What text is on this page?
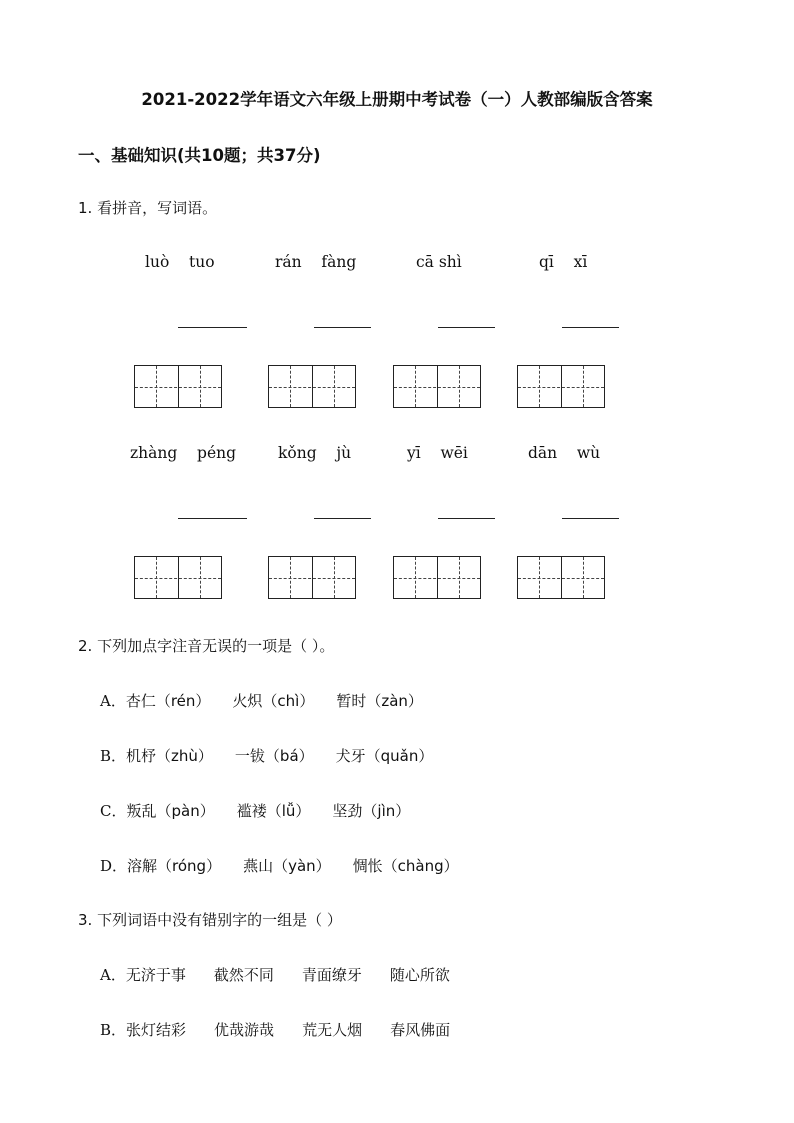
2021-2022学年语文六年级上册期中考试卷（一）人教部编版含答案
一、基础知识(共10题；共37分)
1. 看拼音，写词语。
luò tuo	rán fàng	cā shì	qī xī
zhàng péng	kǒng jù	yī wēi	dān wù
2. 下列加点字注音无误的一项是（ ）。
A．杏仁（rén） 火炽（chì） 暂时（zàn）
B．机杼（zhù） 一钹（bá） 犬牙（quǎn）
C．叛乱（pàn） 褴褛（lǚ） 坚劲（jìn）
D．溶解（róng） 燕山（yàn） 惆怅（chàng）
3. 下列词语中没有错别字的一组是（ ）
A．无济于事 截然不同 青面缭牙 随心所欲
B．张灯结彩 优哉游哉 荒无人烟 春风佛面
